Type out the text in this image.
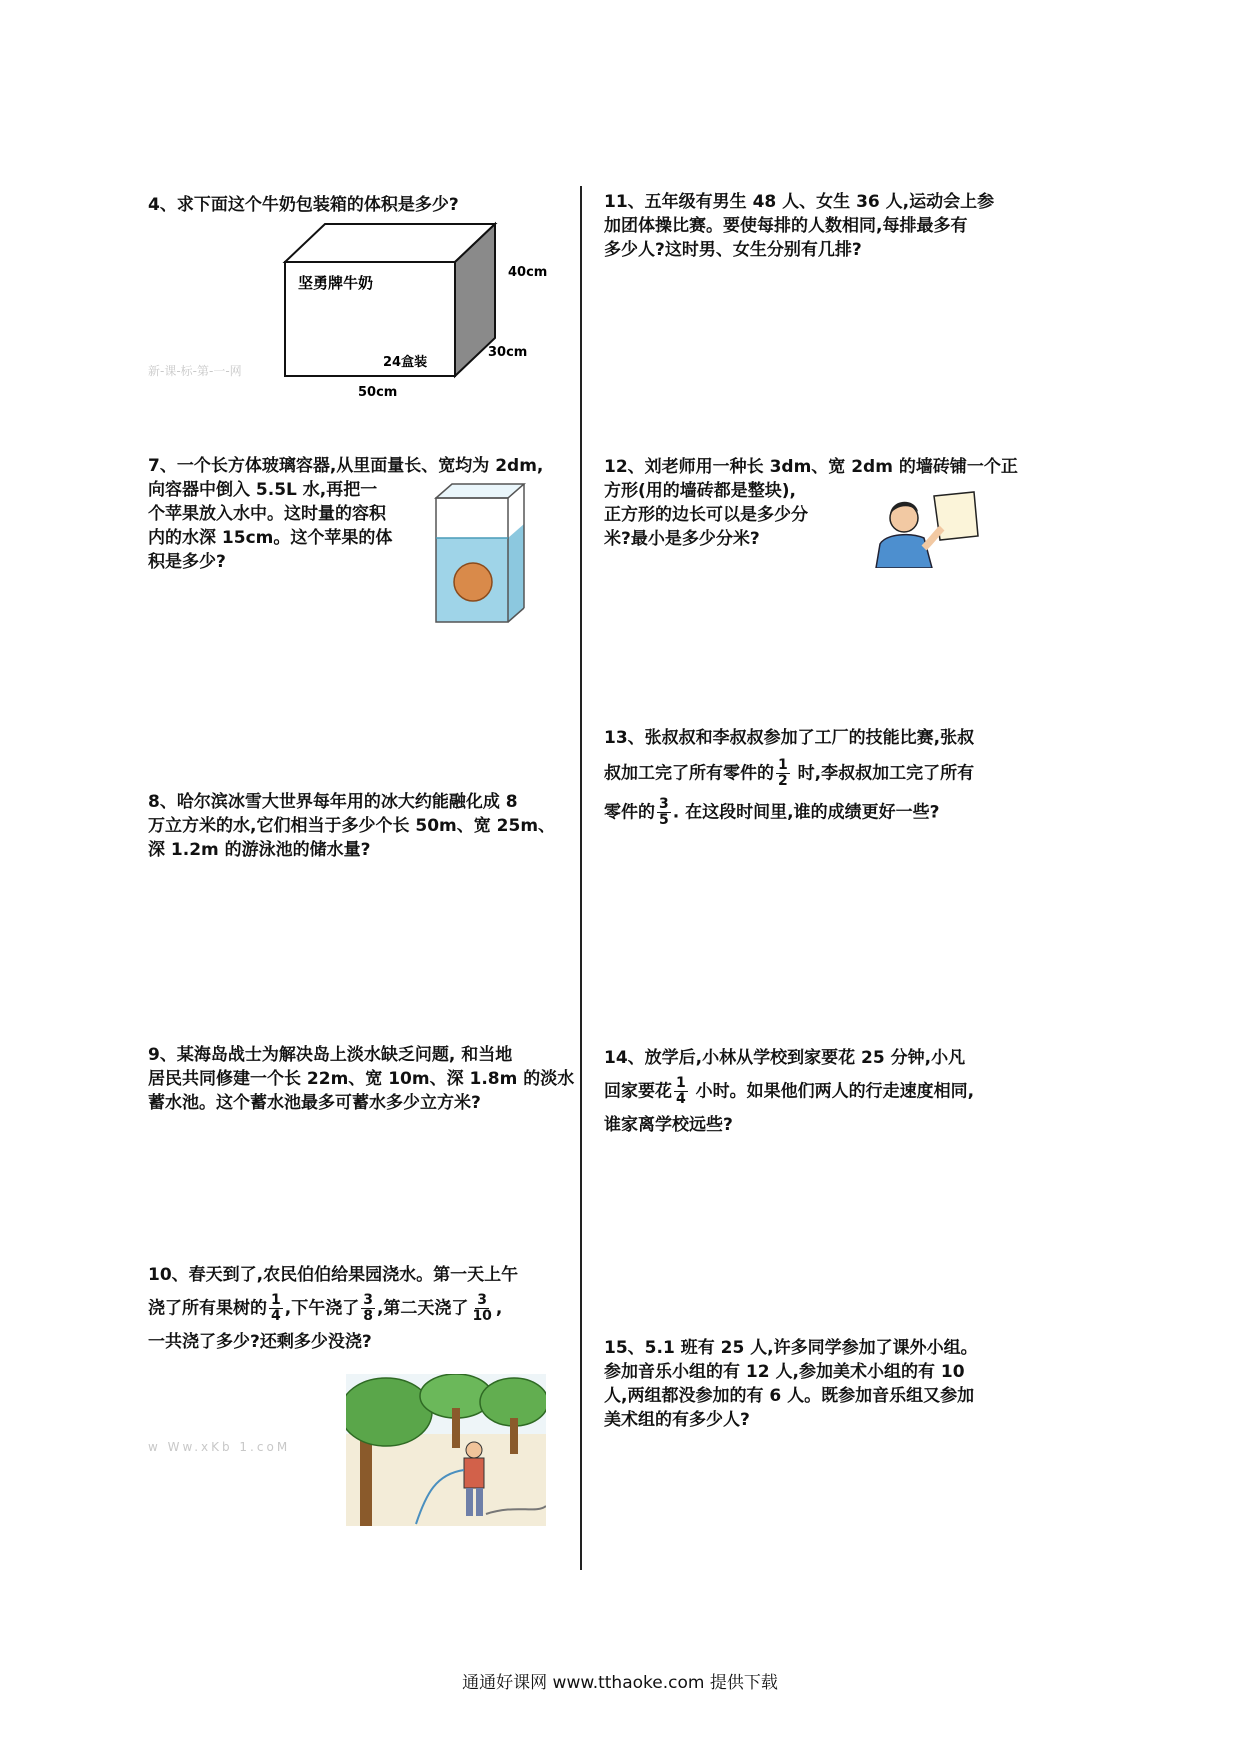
4、求下面这个牛奶包装箱的体积是多少?
坚勇牌牛奶
24盒装
40cm
30cm
50cm
新-课-标-第-一-网
7、一个长方体玻璃容器,从里面量长、宽均为 2dm,
向容器中倒入 5.5L 水,再把一
个苹果放入水中。这时量的容积
内的水深 15cm。这个苹果的体
积是多少?
8、哈尔滨冰雪大世界每年用的冰大约能融化成 8
万立方米的水,它们相当于多少个长 50m、宽 25m、
深 1.2m 的游泳池的储水量?
9、某海岛战士为解决岛上淡水缺乏问题, 和当地
居民共同修建一个长 22m、宽 10m、深 1.8m 的淡水
蓄水池。这个蓄水池最多可蓄水多少立方米?
10、春天到了,农民伯伯给果园浇水。第一天上午
浇了所有果树的 $\frac{1}{4}$ ,下午浇了 $\frac{3}{8}$ ,第二天浇了 $\frac{3}{10}$ ,
一共浇了多少?还剩多少没浇?
w Ww.xKb 1.coM
11、五年级有男生 48 人、女生 36 人,运动会上参
加团体操比赛。要使每排的人数相同,每排最多有
多少人?这时男、女生分别有几排?
12、刘老师用一种长 3dm、宽 2dm 的墙砖铺一个正
方形(用的墙砖都是整块),
正方形的边长可以是多少分
米?最小是多少分米?
13、张叔叔和李叔叔参加了工厂的技能比赛,张叔
叔加工完了所有零件的 $\frac{1}{2}$ 时,李叔叔加工完了所有
零件的 $\frac{3}{5}$ . 在这段时间里,谁的成绩更好一些?
14、放学后,小林从学校到家要花 25 分钟,小凡
回家要花 $\frac{1}{4}$ 小时。如果他们两人的行走速度相同,
谁家离学校远些?
15、5.1 班有 25 人,许多同学参加了课外小组。
参加音乐小组的有 12 人,参加美术小组的有 10
人,两组都没参加的有 6 人。既参加音乐组又参加
美术组的有多少人?
通通好课网 www.tthaoke.com 提供下载
